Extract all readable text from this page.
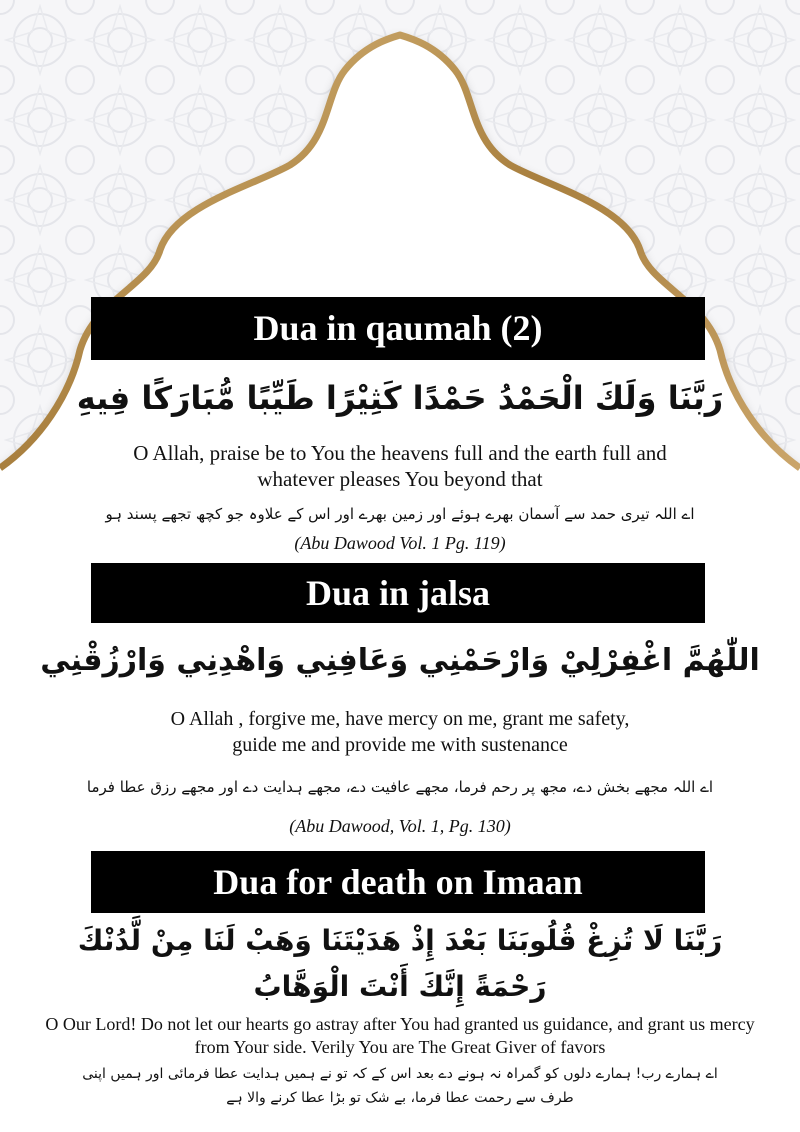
Dua in qaumah (2)
رَبَّنَا وَلَكَ الْحَمْدُ حَمْدًا كَثِيْرًا طَيِّبًا مُّبَارَكًا فِيهِ
O Allah, praise be to You the heavens full and the earth full and whatever pleases You beyond that
اے اللہ تیری حمد سے آسمان بھرے ہوئے اور زمین بھرے اور اس کے علاوہ جو کچھ تجھے پسند ہو
(Abu Dawood Vol. 1 Pg. 119)
Dua in jalsa
اللّٰهُمَّ اغْفِرْلِيْ وَارْحَمْنِي وَعَافِنِي وَاهْدِنِي وَارْزُقْنِي
O Allah , forgive me, have mercy on me, grant me safety, guide me and provide me with sustenance
اے اللہ مجھے بخش دے، مجھ پر رحم فرما، مجھے عافیت دے، مجھے ہدایت دے اور مجھے رزق عطا فرما
(Abu Dawood, Vol. 1, Pg. 130)
Dua for death on Imaan
رَبَّنَا لَا تُزِغْ قُلُوبَنَا بَعْدَ إِذْ هَدَيْتَنَا وَهَبْ لَنَا مِنْ لَّدُنْكَ رَحْمَةً إِنَّكَ أَنْتَ الْوَهَّابُ
O Our Lord! Do not let our hearts go astray after You had granted us guidance, and grant us mercy from Your side. Verily You are The Great Giver of favors
اے ہمارے رب! ہمارے دلوں کو گمراہ نہ ہونے دے بعد اس کے کہ تو نے ہمیں ہدایت عطا فرمائی اور ہمیں اپنی طرف سے رحمت عطا فرما، بے شک تو بڑا عطا کرنے والا ہے
